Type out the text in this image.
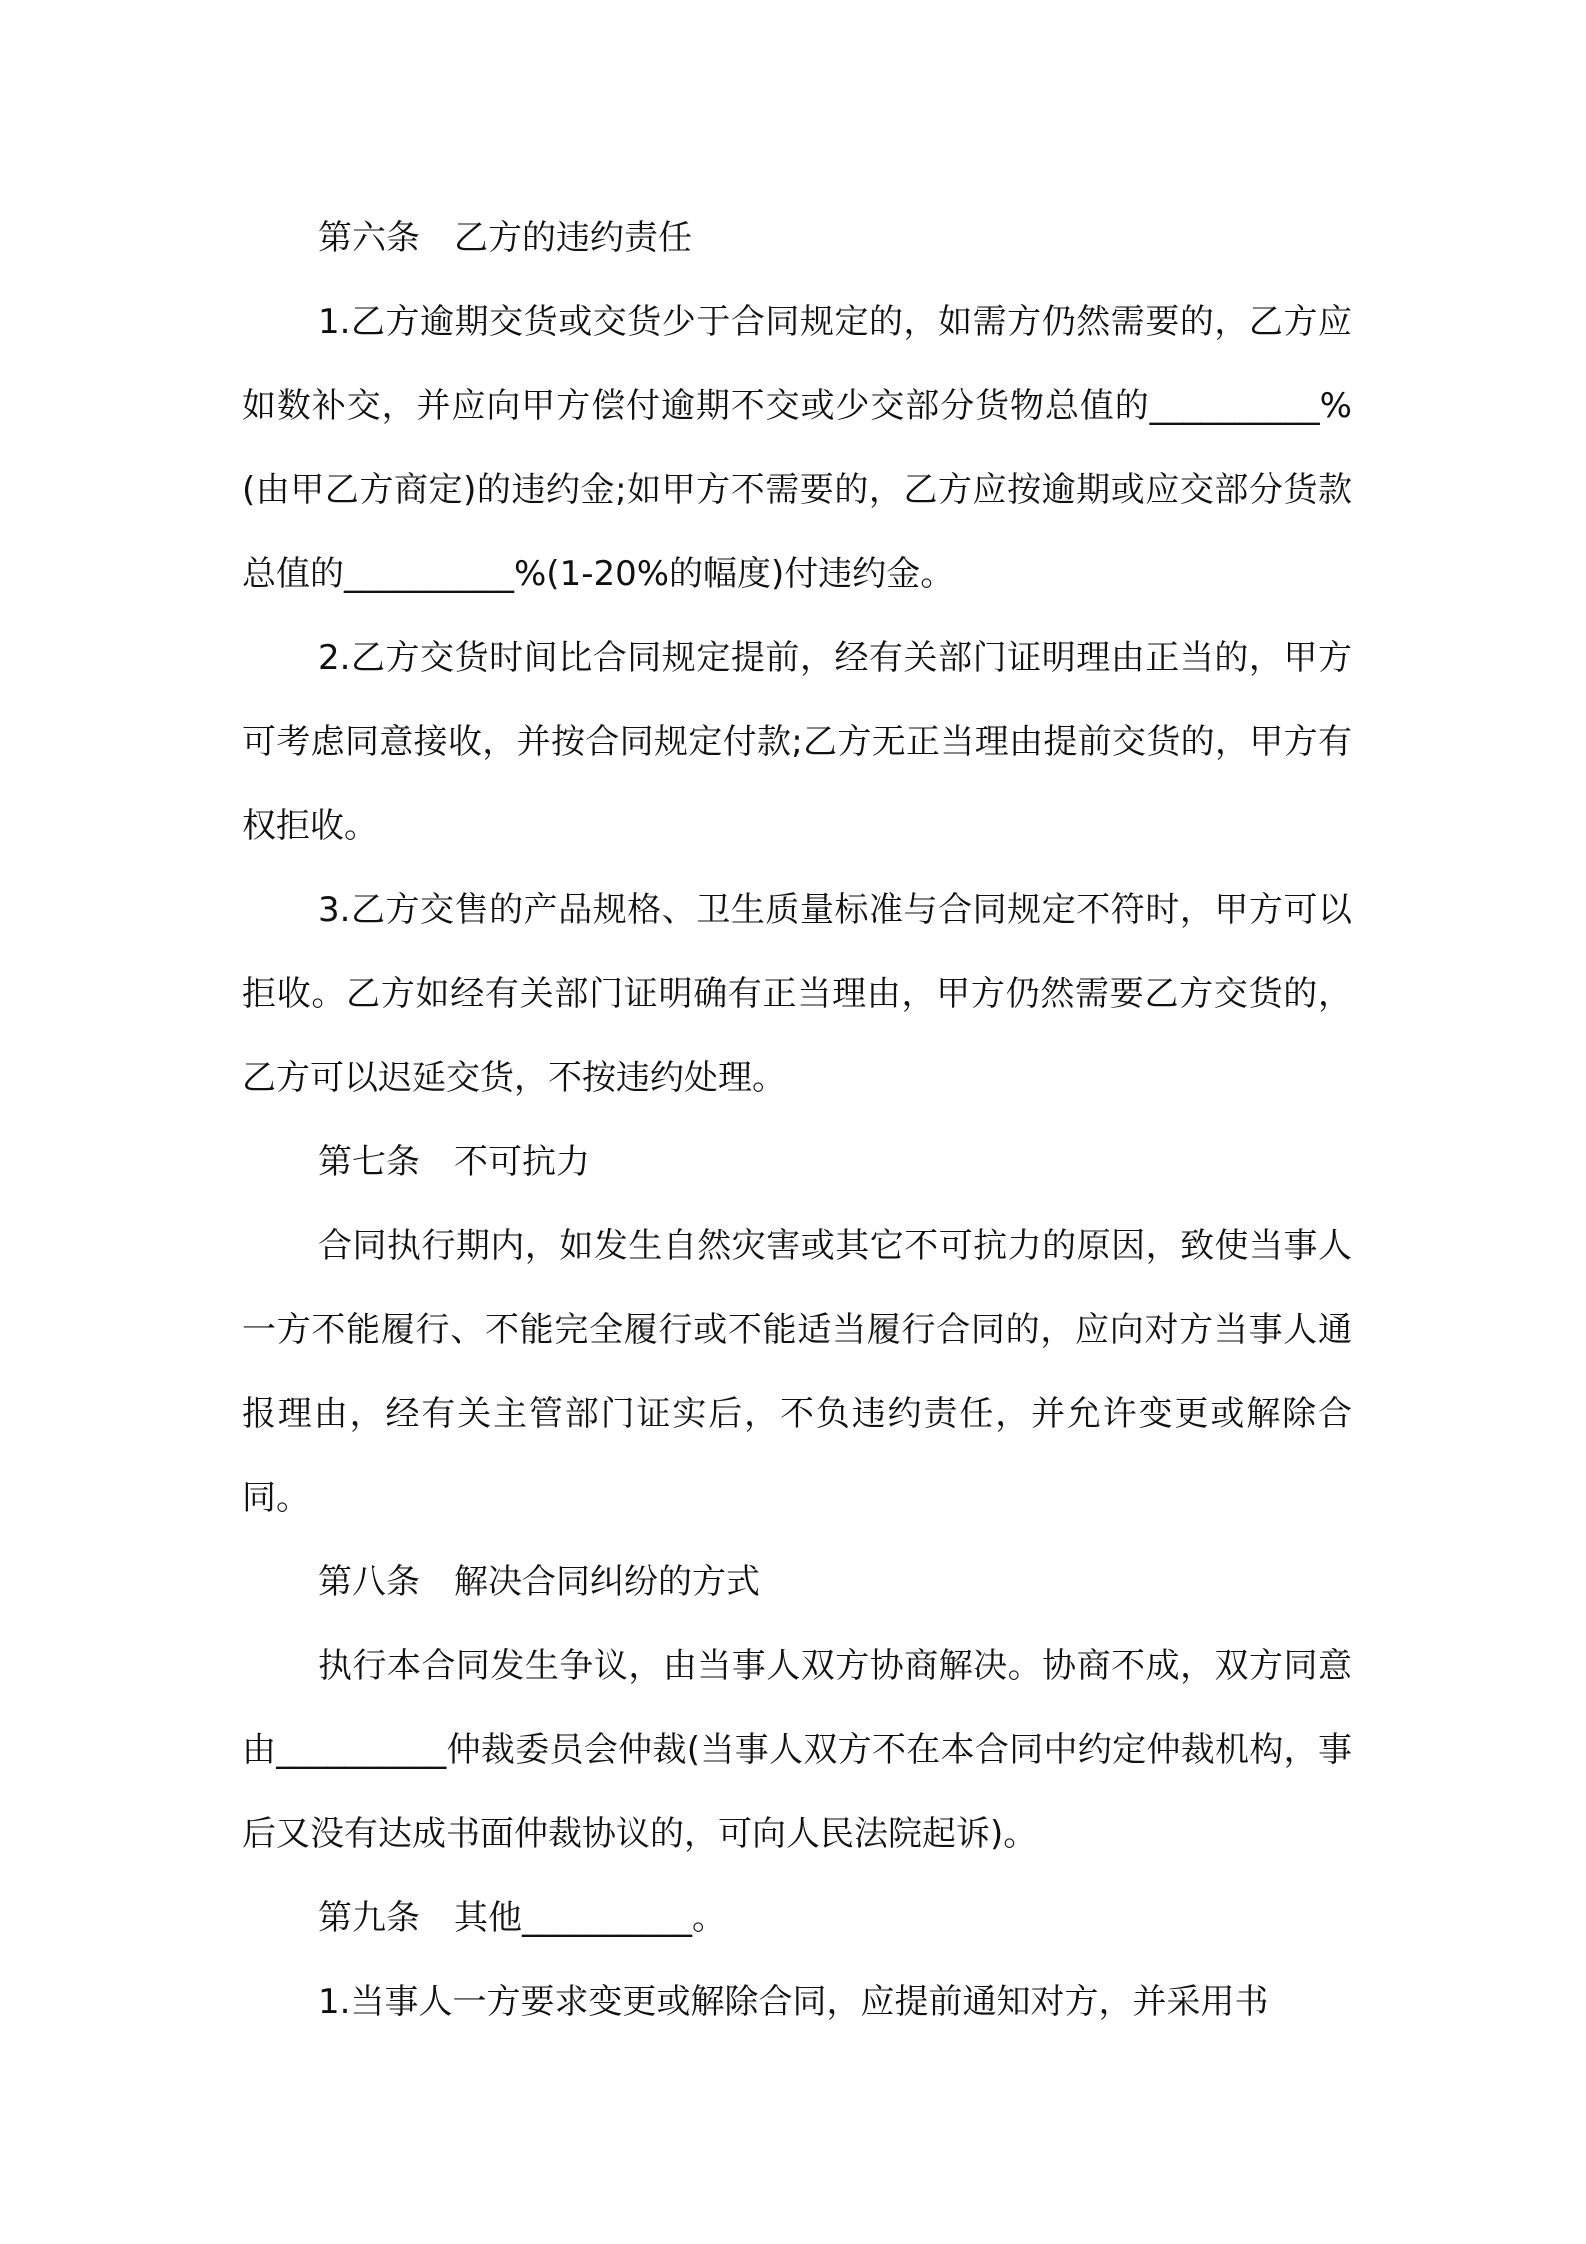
第六条　乙方的违约责任

1.乙方逾期交货或交货少于合同规定的，如需方仍然需要的，乙方应如数补交，并应向甲方偿付逾期不交或少交部分货物总值的__________%(由甲乙方商定)的违约金;如甲方不需要的，乙方应按逾期或应交部分货款总值的__________%(1-20%的幅度)付违约金。

2.乙方交货时间比合同规定提前，经有关部门证明理由正当的，甲方可考虑同意接收，并按合同规定付款;乙方无正当理由提前交货的，甲方有权拒收。

3.乙方交售的产品规格、卫生质量标准与合同规定不符时，甲方可以拒收。乙方如经有关部门证明确有正当理由，甲方仍然需要乙方交货的，乙方可以迟延交货，不按违约处理。

第七条　不可抗力

合同执行期内，如发生自然灾害或其它不可抗力的原因，致使当事人一方不能履行、不能完全履行或不能适当履行合同的，应向对方当事人通报理由，经有关主管部门证实后，不负违约责任，并允许变更或解除合同。

第八条　解决合同纠纷的方式

执行本合同发生争议，由当事人双方协商解决。协商不成，双方同意由__________仲裁委员会仲裁(当事人双方不在本合同中约定仲裁机构，事后又没有达成书面仲裁协议的，可向人民法院起诉)。

第九条　其他__________。

1.当事人一方要求变更或解除合同，应提前通知对方，并采用书
